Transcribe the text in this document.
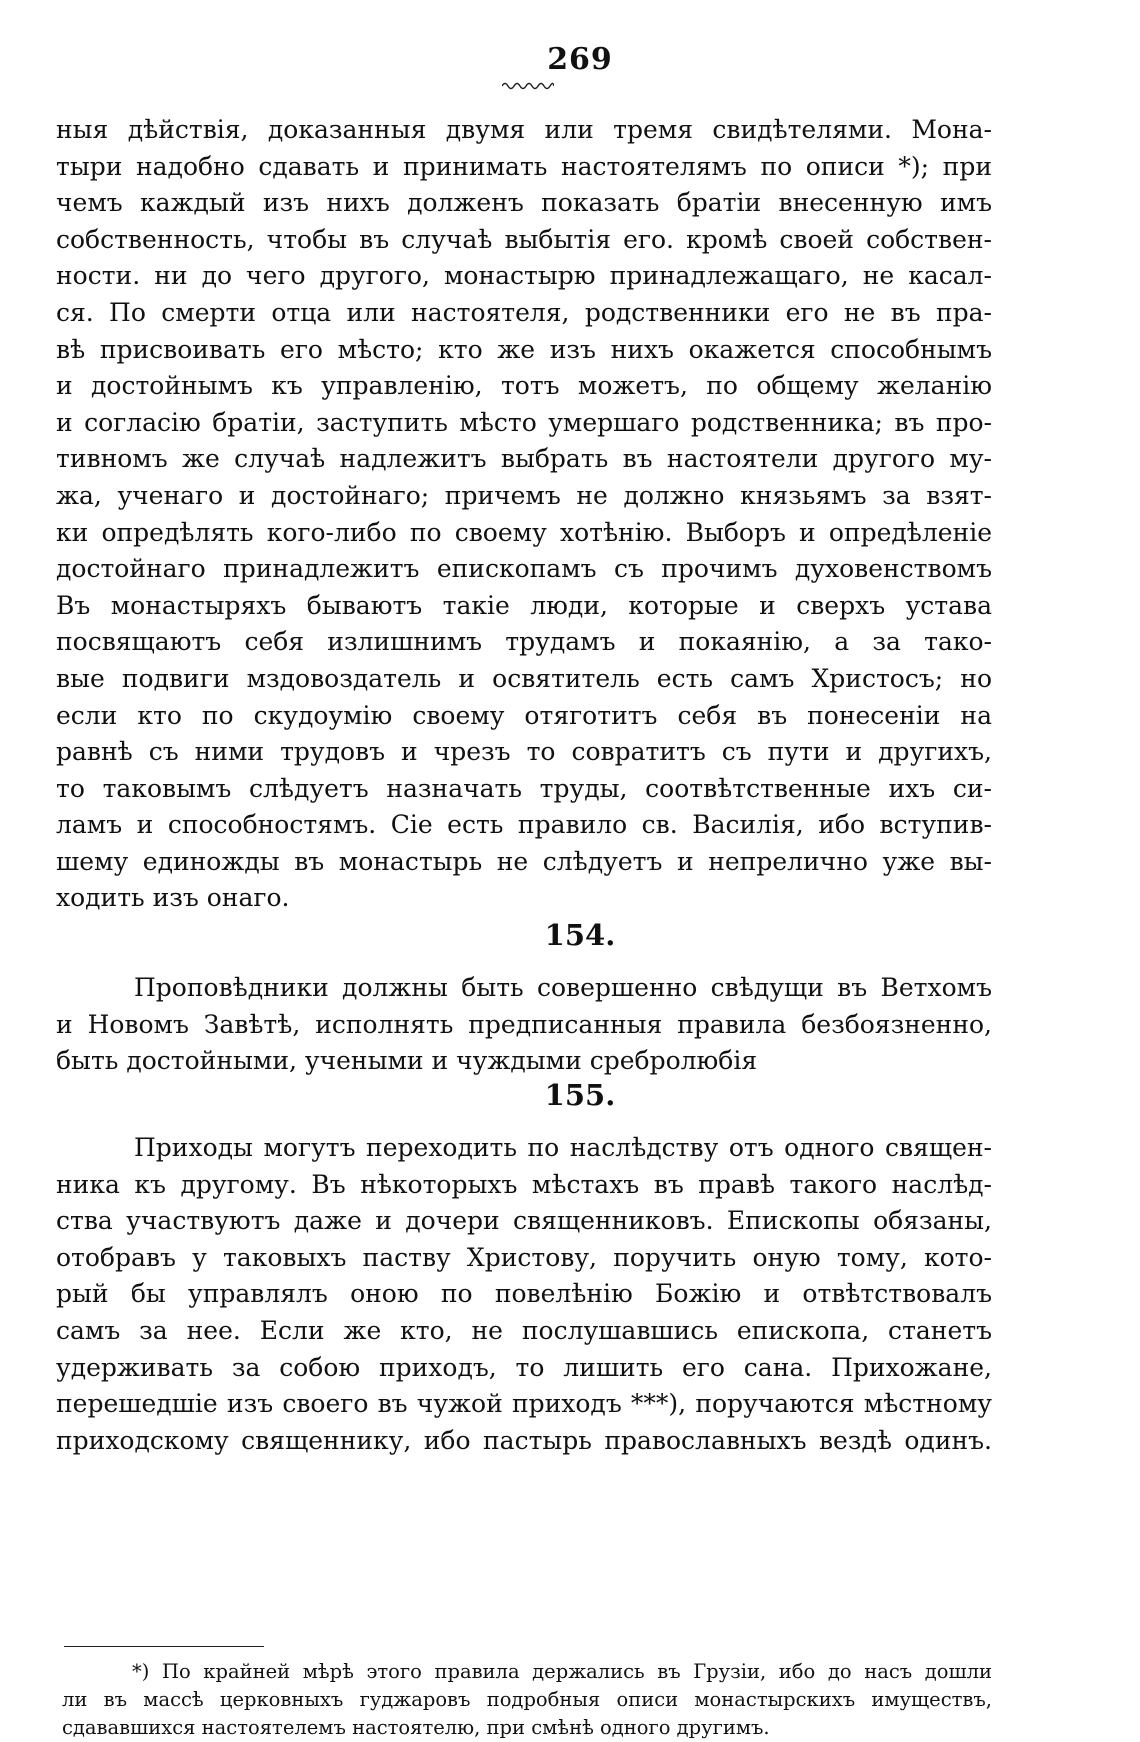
269
ныя дѣйствія, доказанныя двумя или тремя свидѣтелями. Мона-
тыри надобно сдавать и принимать настоятелямъ по описи *); при
чемъ каждый изъ нихъ долженъ показать братіи внесенную имъ
собственность, чтобы въ случаѣ выбытія его. кромѣ своей собствен-
ности. ни до чего другого, монастырю принадлежащаго, не касал-
ся. По смерти отца или настоятеля, родственники его не въ пра-
вѣ присвоивать его мѣсто; кто же изъ нихъ окажется способнымъ
и достойнымъ къ управленію, тотъ можетъ, по общему желанію
и согласію братіи, заступить мѣсто умершаго родственника; въ про-
тивномъ же случаѣ надлежитъ выбрать въ настоятели другого му-
жа, ученаго и достойнаго; причемъ не должно князьямъ за взят-
ки опредѣлять кого-либо по своему хотѣнію. Выборъ и опредѣленіе
достойнаго принадлежитъ епископамъ съ прочимъ духовенствомъ
Въ монастыряхъ бываютъ такіе люди, которые и сверхъ устава
посвящаютъ себя излишнимъ трудамъ и покаянію, а за тако-
вые подвиги мздовоздатель и освятитель есть самъ Христосъ; но
если кто по скудоумію своему отяготитъ себя въ понесеніи на
равнѣ съ ними трудовъ и чрезъ то совратитъ съ пути и другихъ,
то таковымъ слѣдуетъ назначать труды, соотвѣтственные ихъ си-
ламъ и способностямъ. Сіе есть правило св. Василія, ибо вступив-
шему единожды въ монастырь не слѣдуетъ и непрелично уже вы-
ходить изъ онаго.
154.
Проповѣдники должны быть совершенно свѣдущи въ Ветхомъ
и Новомъ Завѣтѣ, исполнять предписанныя правила безбоязненно,
быть достойными, учеными и чуждыми сребролюбія
155.
Приходы могутъ переходить по наслѣдству отъ одного священ-
ника къ другому. Въ нѣкоторыхъ мѣстахъ въ правѣ такого наслѣд-
ства участвуютъ даже и дочери священниковъ. Епископы обязаны,
отобравъ у таковыхъ паству Христову, поручить оную тому, кото-
рый бы управлялъ оною по повелѣнію Божію и отвѣтствовалъ
самъ за нее. Если же кто, не послушавшись епископа, станетъ
удерживать за собою приходъ, то лишить его сана. Прихожане,
перешедшіе изъ своего въ чужой приходъ ***), поручаются мѣстному
приходскому священнику, ибо пастырь православныхъ вездѣ одинъ.
*) По крайней мѣрѣ этого правила держались въ Грузіи, ибо до насъ дошли
ли въ массѣ церковныхъ гуджаровъ подробныя описи монастырскихъ имуществъ,
сдававшихся настоятелемъ настоятелю, при смѣнѣ одного другимъ.
